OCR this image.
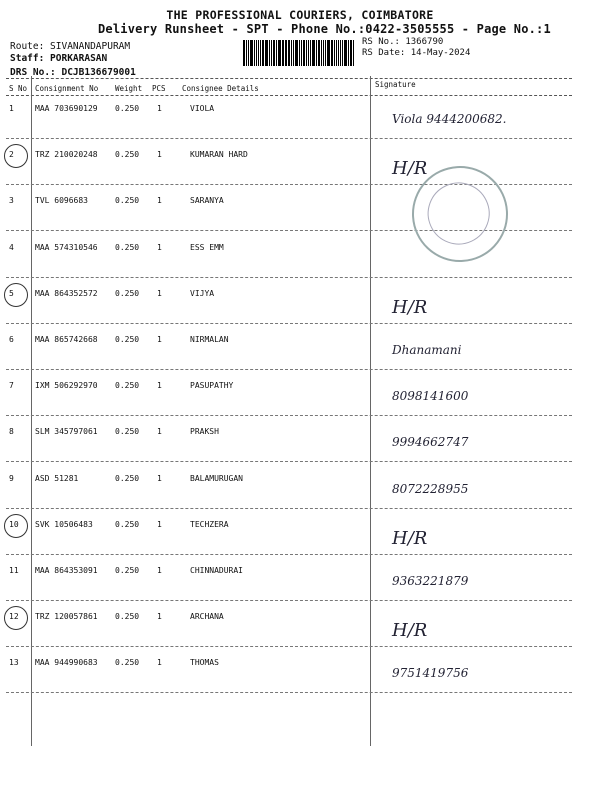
THE PROFESSIONAL COURIERS, COIMBATORE
Delivery Runsheet - SPT - Phone No.:0422-3505555 - Page No.:1
Route: SIVANANDAPURAM
Staff: PORKARASAN
DRS No.: DCJB136679001
RS No.: 1366790
RS Date: 14-May-2024
S No Consignment No Weight PCS Consignee Details	Signature
1	MAA 703690129 0.250 1	VIOLA
Viola 9444200682.
2	TRZ 210020248 0.250 1	KUMARAN HARD
H/R
3	TVL 6096683	0.250 1	SARANYA
4	MAA 574310546 0.250 1	ESS EMM
5	MAA 864352572 0.250 1	VIJYA
H/R
6	MAA 865742668 0.250 1	NIRMALAN
Dhanamani
7	IXM 506292970 0.250 1	PASUPATHY
8098141600
8	SLM 345797061 0.250 1	PRAKSH
9994662747
9	ASD 51281	0.250 1	BALAMURUGAN
8072228955
10 SVK 10506483	0.250 1	TECHZERA
H/R
11 MAA 864353091 0.250 1	CHINNADURAI
9363221879
12 TRZ 120057861 0.250 1	ARCHANA
H/R
13 MAA 944990683 0.250 1	THOMAS
9751419756
